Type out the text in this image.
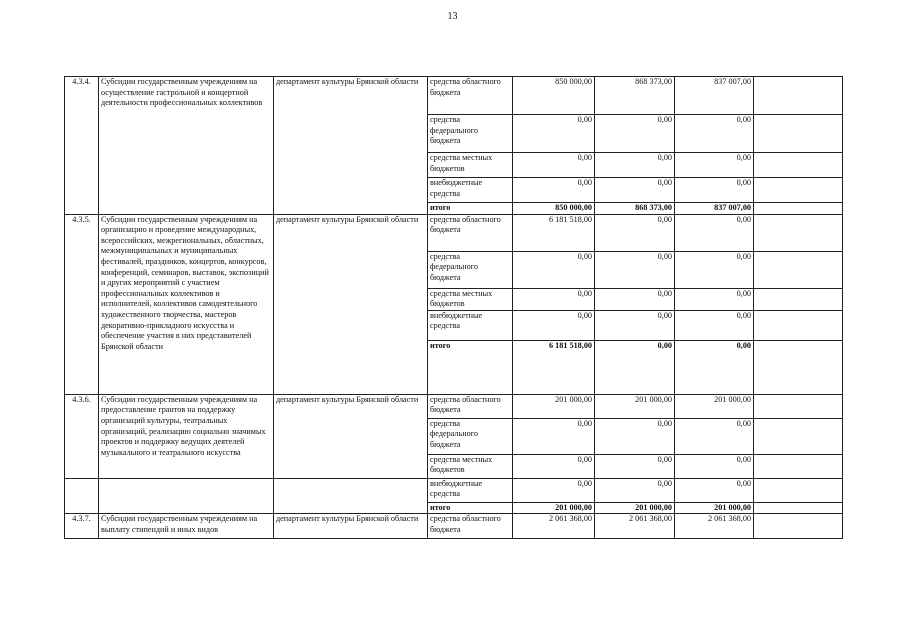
13
4.3.4.	Субсидии государственным учреждениям на осуществление гастрольной и концертной деятельности профессиональных коллективов	департамент культуры Брянской области	средства областного
бюджета	850 000,00	868 373,00	837 007,00	
			средства
федерального
бюджета	0,00	0,00	0,00	
			средства местных
бюджетов	0,00	0,00	0,00	
			внебюджетные
средства	0,00	0,00	0,00	
			итого	850 000,00	868 373,00	837 007,00	
4.3.5.	Субсидии государственным учреждениям на организацию и проведение международных, всероссийских, межрегиональных, областных, межмуниципальных и муниципальных фестивалей, праздников, концертов, конкурсов, конференций, семинаров, выставок, экспозиций и других мероприятий с участием профессиональных коллективов и исполнителей, коллективов самодеятельного художественного творчества, мастеров декоративно-прикладного искусства и обеспечение участия в них представителей Брянской области	департамент культуры Брянской области	средства областного
бюджета	6 181 518,00	0,00	0,00	
			средства
федерального
бюджета	0,00	0,00	0,00	
			средства местных
бюджетов	0,00	0,00	0,00	
			внебюджетные
средства	0,00	0,00	0,00	
			итого	6 181 518,00	0,00	0,00	
4.3.6.	Субсидии государственным учреждениям на предоставление грантов на поддержку организаций культуры, театральных организаций, реализацию социально значимых проектов и поддержку ведущих деятелей музыкального и театрального искусства	департамент культуры Брянской области	средства областного
бюджета	201 000,00	201 000,00	201 000,00	
			средства
федерального
бюджета	0,00	0,00	0,00	
			средства местных
бюджетов	0,00	0,00	0,00	
			внебюджетные
средства	0,00	0,00	0,00	
			итого	201 000,00	201 000,00	201 000,00	
4.3.7.	Субсидии государственным учреждениям на выплату стипендий и иных видов	департамент культуры Брянской области	средства областного
бюджета	2 061 368,00	2 061 368,00	2 061 368,00	
